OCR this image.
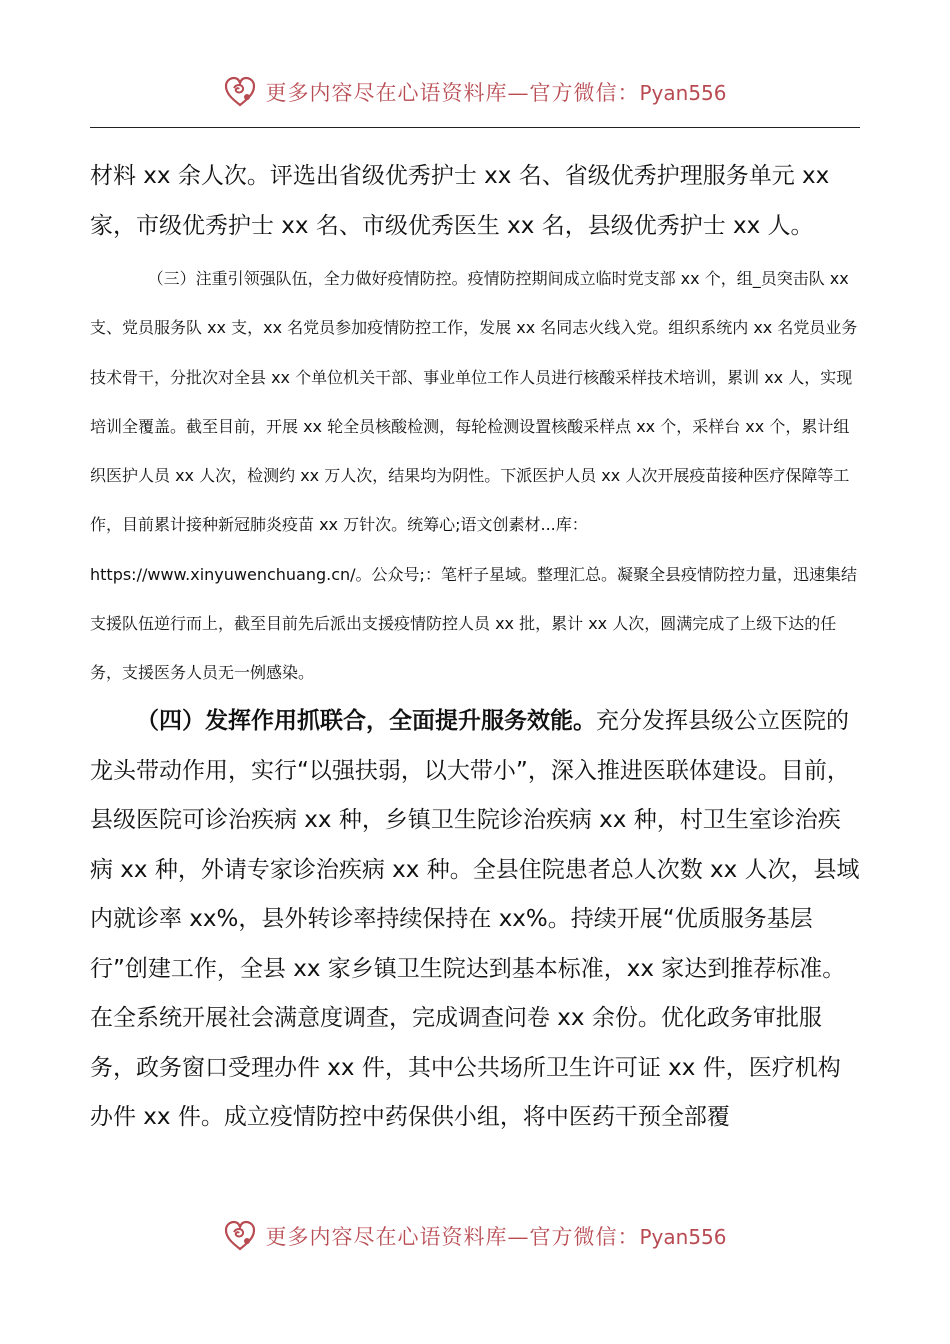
更多内容尽在心语资料库—官方微信：Pyan556

材料 xx 余人次。评选出省级优秀护士 xx 名、省级优秀护理服务单元 xx 家，市级优秀护士 xx 名、市级优秀医生 xx 名，县级优秀护士 xx 人。

（三）注重引领强队伍，全力做好疫情防控。疫情防控期间成立临时党支部 xx 个，组_员突击队 xx 支、党员服务队 xx 支，xx 名党员参加疫情防控工作，发展 xx 名同志火线入党。组织系统内 xx 名党员业务技术骨干，分批次对全县 xx 个单位机关干部、事业单位工作人员进行核酸采样技术培训，累训 xx 人，实现培训全覆盖。截至目前，开展 xx 轮全员核酸检测，每轮检测设置核酸采样点 xx 个，采样台 xx 个，累计组织医护人员 xx 人次，检测约 xx 万人次，结果均为阴性。下派医护人员 xx 人次开展疫苗接种医疗保障等工作，目前累计接种新冠肺炎疫苗 xx 万针次。统筹心;语文创素材...库：https://www.xinyuwenchuang.cn/。公众号;：笔杆子星域。整理汇总。凝聚全县疫情防控力量，迅速集结支援队伍逆行而上，截至目前先后派出支援疫情防控人员 xx 批，累计 xx 人次，圆满完成了上级下达的任务，支援医务人员无一例感染。

（四）发挥作用抓联合，全面提升服务效能。充分发挥县级公立医院的龙头带动作用，实行“以强扶弱，以大带小”，深入推进医联体建设。目前，县级医院可诊治疾病 xx 种，乡镇卫生院诊治疾病 xx 种，村卫生室诊治疾病 xx 种，外请专家诊治疾病 xx 种。全县住院患者总人次数 xx 人次，县域内就诊率 xx%，县外转诊率持续保持在 xx%。持续开展“优质服务基层行”创建工作，全县 xx 家乡镇卫生院达到基本标准，xx 家达到推荐标准。在全系统开展社会满意度调查，完成调查问卷 xx 余份。优化政务审批服务，政务窗口受理办件 xx 件，其中公共场所卫生许可证 xx 件，医疗机构办件 xx 件。成立疫情防控中药保供小组，将中医药干预全部覆

更多内容尽在心语资料库—官方微信：Pyan556
